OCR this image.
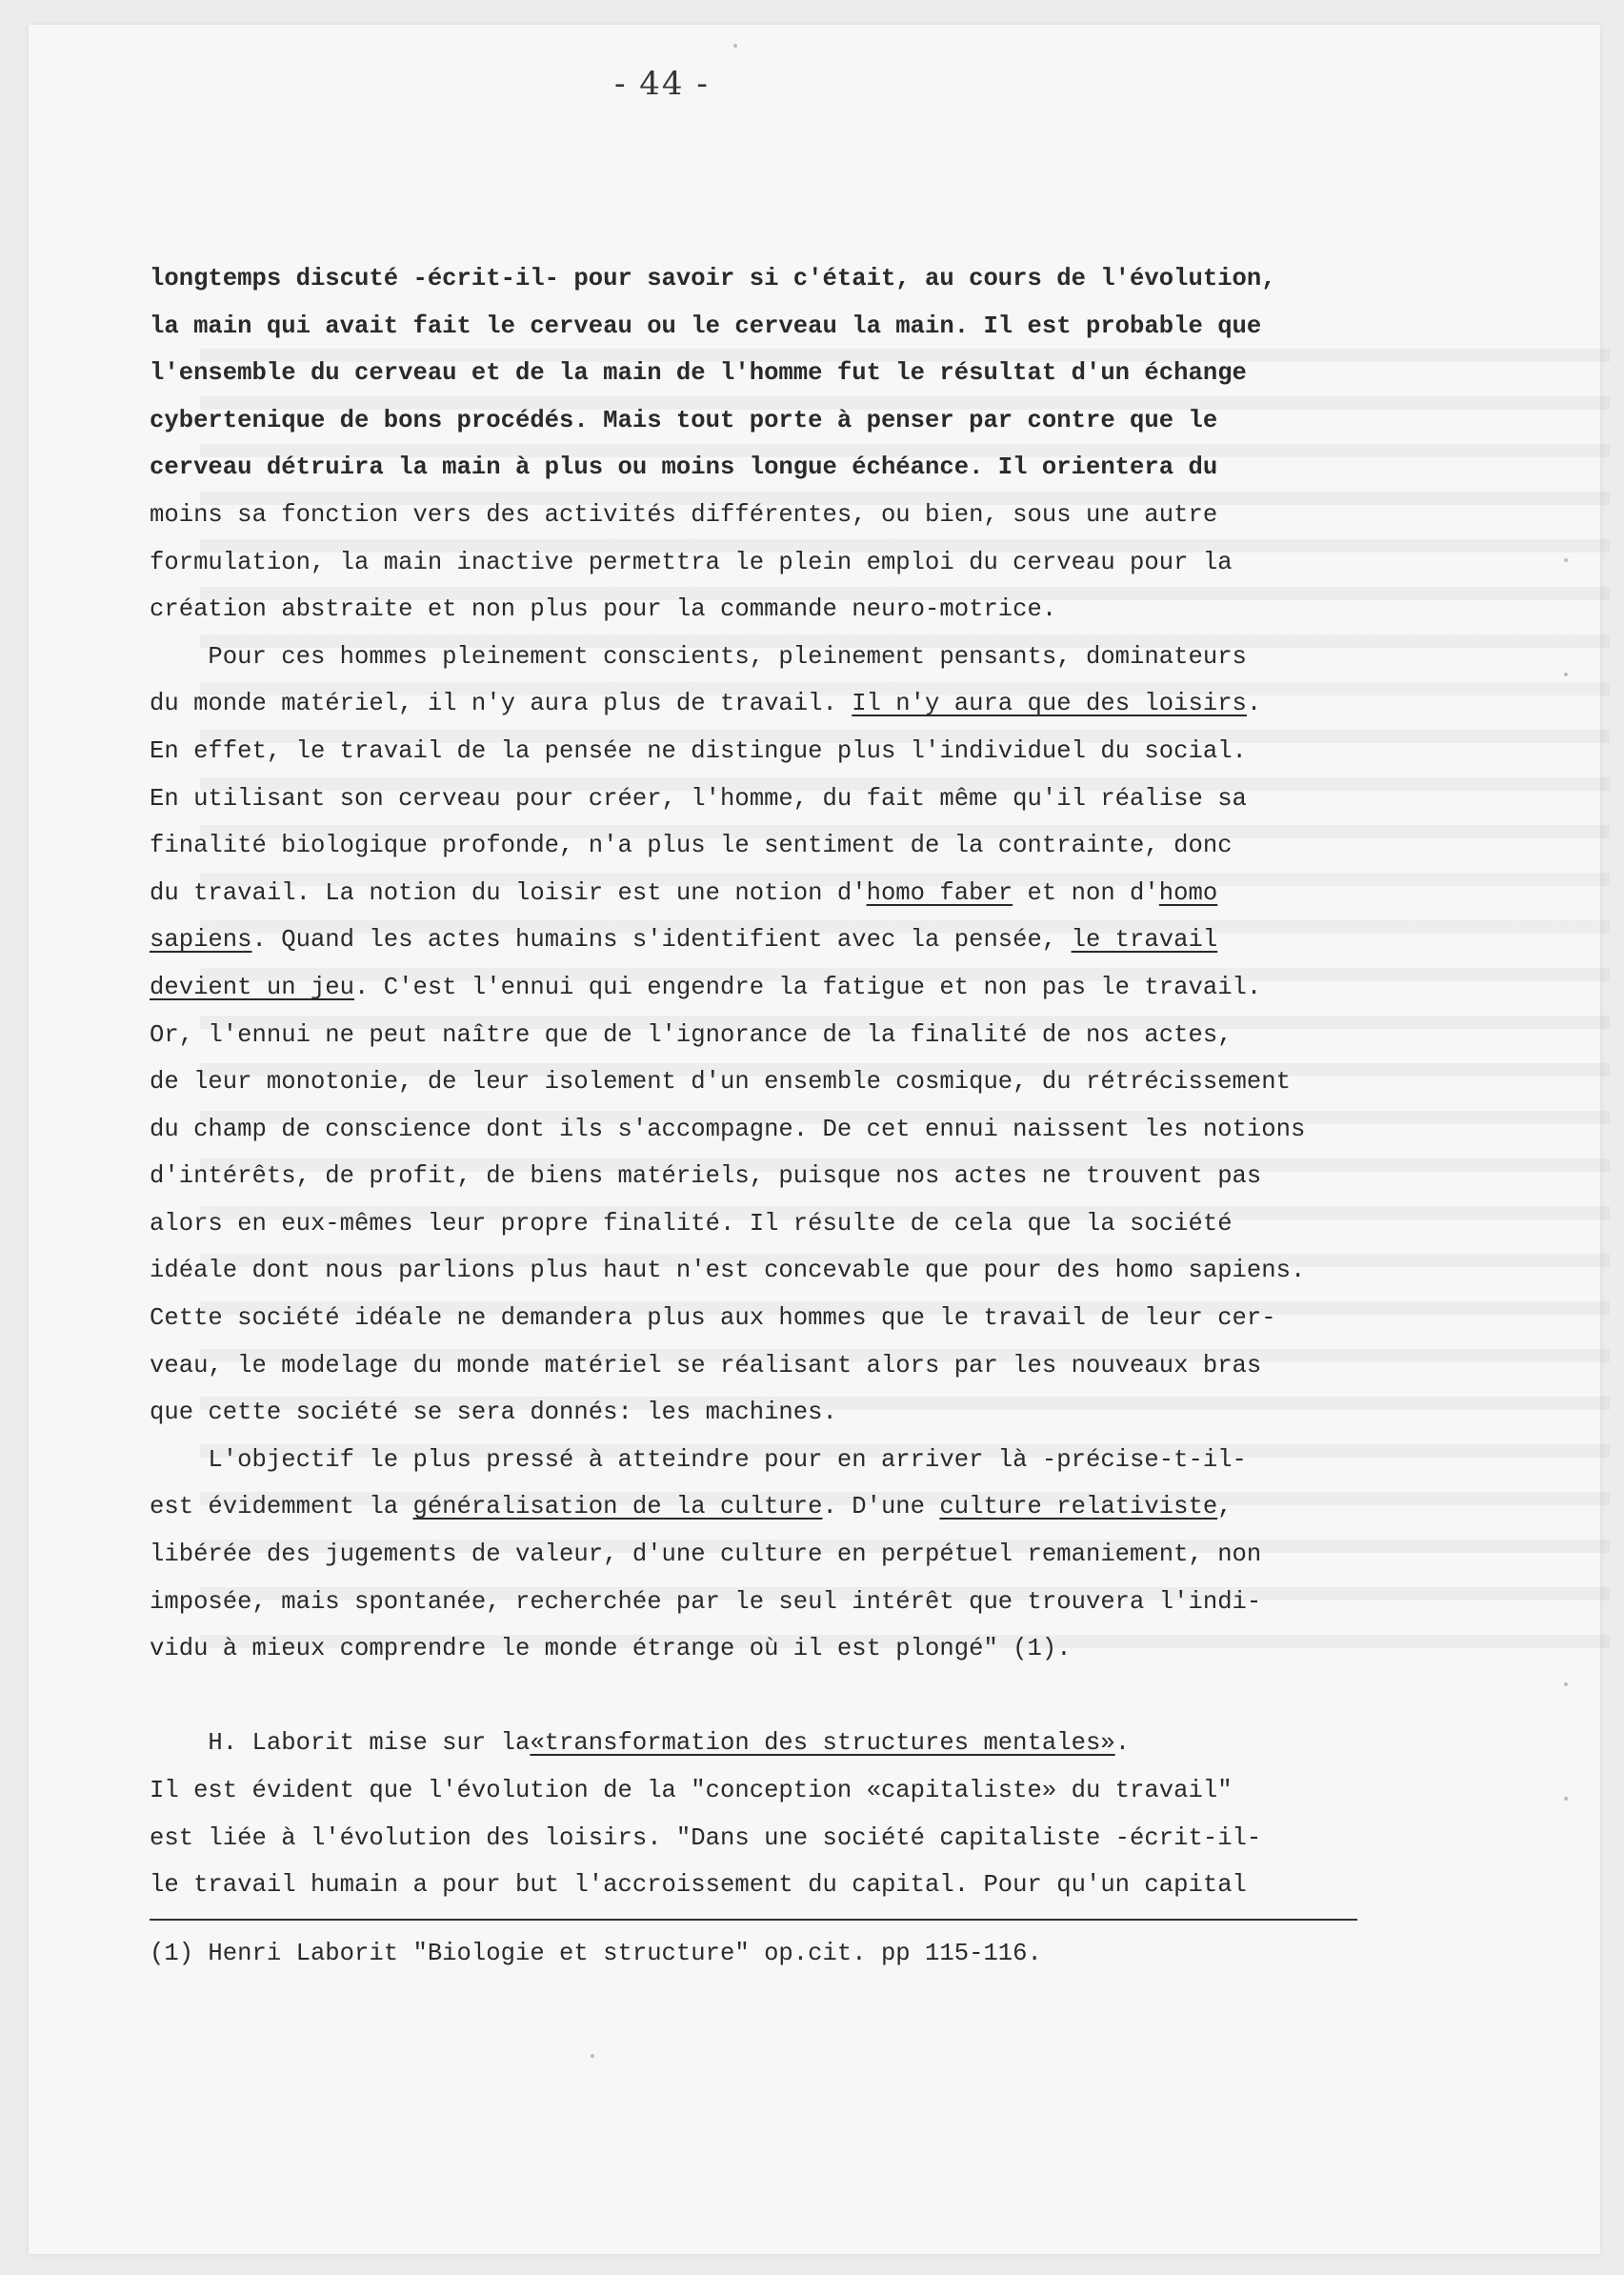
- 44 -
longtemps discuté -écrit-il- pour savoir si c'était, au cours de l'évolution,
la main qui avait fait le cerveau ou le cerveau la main. Il est probable que
l'ensemble du cerveau et de la main de l'homme fut le résultat d'un échange
cybertenique de bons procédés. Mais tout porte à penser par contre que le
cerveau détruira la main à plus ou moins longue échéance. Il orientera du
moins sa fonction vers des activités différentes, ou bien, sous une autre
formulation, la main inactive permettra le plein emploi du cerveau pour la
création abstraite et non plus pour la commande neuro-motrice.
Pour ces hommes pleinement conscients, pleinement pensants, dominateurs
du monde matériel, il n'y aura plus de travail. Il n'y aura que des loisirs.
En effet, le travail de la pensée ne distingue plus l'individuel du social.
En utilisant son cerveau pour créer, l'homme, du fait même qu'il réalise sa
finalité biologique profonde, n'a plus le sentiment de la contrainte, donc
du travail. La notion du loisir est une notion d'homo faber et non d'homo
sapiens. Quand les actes humains s'identifient avec la pensée, le travail
devient un jeu. C'est l'ennui qui engendre la fatigue et non pas le travail.
Or, l'ennui ne peut naître que de l'ignorance de la finalité de nos actes,
de leur monotonie, de leur isolement d'un ensemble cosmique, du rétrécissement
du champ de conscience dont ils s'accompagne. De cet ennui naissent les notions
d'intérêts, de profit, de biens matériels, puisque nos actes ne trouvent pas
alors en eux-mêmes leur propre finalité. Il résulte de cela que la société
idéale dont nous parlions plus haut n'est concevable que pour des homo sapiens.
Cette société idéale ne demandera plus aux hommes que le travail de leur cer-
veau, le modelage du monde matériel se réalisant alors par les nouveaux bras
que cette société se sera donnés: les machines.
L'objectif le plus pressé à atteindre pour en arriver là -précise-t-il-
est évidemment la généralisation de la culture. D'une culture relativiste,
libérée des jugements de valeur, d'une culture en perpétuel remaniement, non
imposée, mais spontanée, recherchée par le seul intérêt que trouvera l'indi-
vidu à mieux comprendre le monde étrange où il est plongé" (1).
H. Laborit mise sur la«transformation des structures mentales».
Il est évident que l'évolution de la "conception «capitaliste» du travail"
est liée à l'évolution des loisirs. "Dans une société capitaliste -écrit-il-
le travail humain a pour but l'accroissement du capital. Pour qu'un capital
(1) Henri Laborit "Biologie et structure" op.cit. pp 115-116.
